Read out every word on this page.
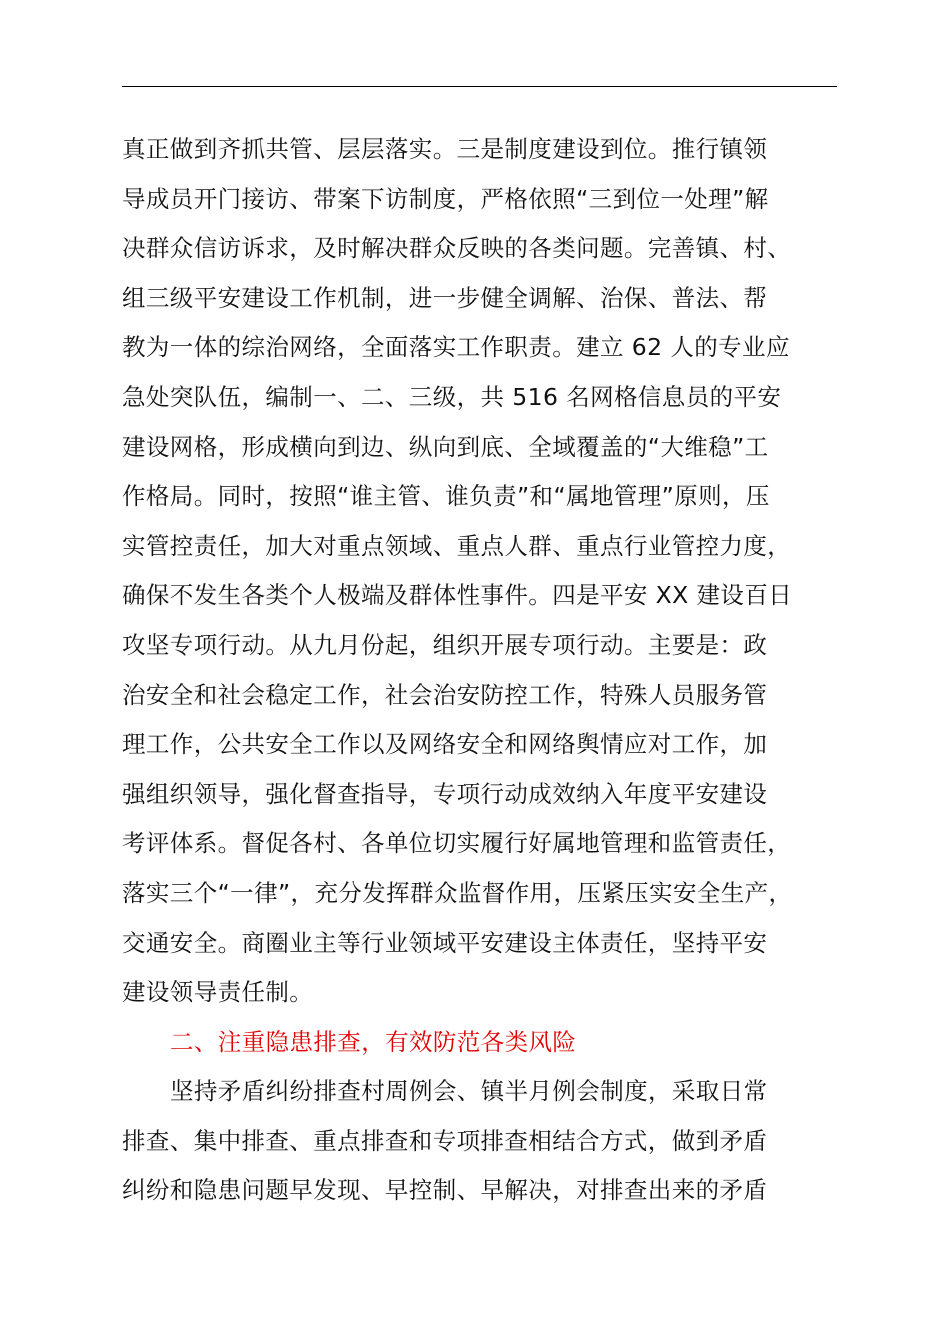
真正做到齐抓共管、层层落实。三是制度建设到位。推行镇领
导成员开门接访、带案下访制度，严格依照“三到位一处理”解
决群众信访诉求，及时解决群众反映的各类问题。完善镇、村、
组三级平安建设工作机制，进一步健全调解、治保、普法、帮
教为一体的综治网络，全面落实工作职责。建立 62 人的专业应
急处突队伍，编制一、二、三级，共 516 名网格信息员的平安
建设网格，形成横向到边、纵向到底、全域覆盖的“大维稳”工
作格局。同时，按照“谁主管、谁负责”和“属地管理”原则，压
实管控责任，加大对重点领域、重点人群、重点行业管控力度，
确保不发生各类个人极端及群体性事件。四是平安 XX 建设百日
攻坚专项行动。从九月份起，组织开展专项行动。主要是：政
治安全和社会稳定工作，社会治安防控工作，特殊人员服务管
理工作，公共安全工作以及网络安全和网络舆情应对工作，加
强组织领导，强化督查指导，专项行动成效纳入年度平安建设
考评体系。督促各村、各单位切实履行好属地管理和监管责任，
落实三个“一律”，充分发挥群众监督作用，压紧压实安全生产，
交通安全。商圈业主等行业领域平安建设主体责任，坚持平安
建设领导责任制。
二、注重隐患排查，有效防范各类风险
坚持矛盾纠纷排查村周例会、镇半月例会制度，采取日常
排查、集中排查、重点排查和专项排查相结合方式，做到矛盾
纠纷和隐患问题早发现、早控制、早解决，对排查出来的矛盾
